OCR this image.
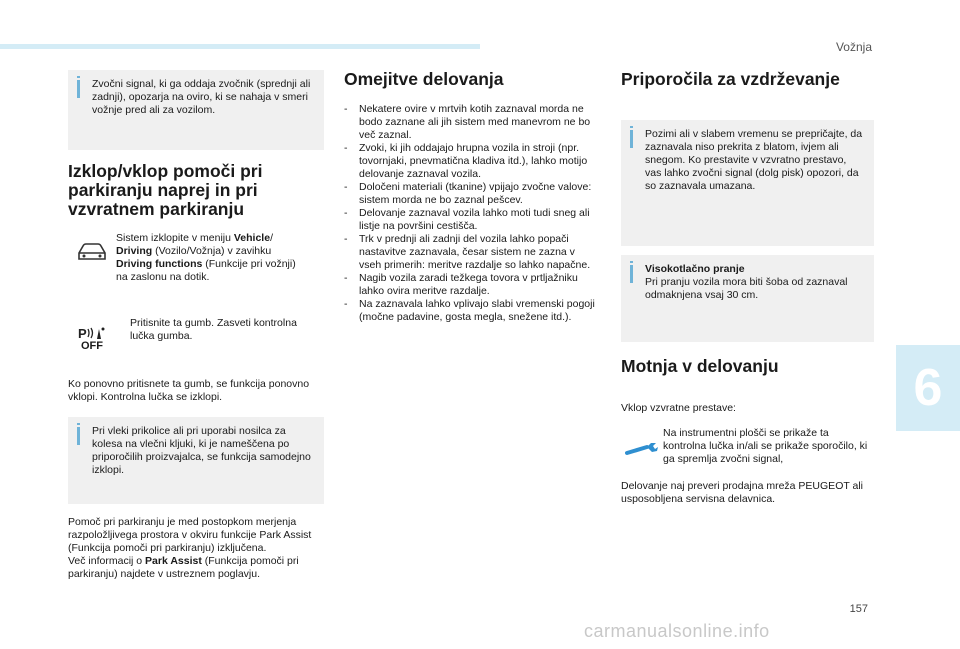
Vožnja
157
6
Zvočni signal, ki ga oddaja zvočnik (sprednji ali zadnji), opozarja na oviro, ki se nahaja v smeri vožnje pred ali za vozilom.
Izklop/vklop pomoči pri parkiranju naprej in pri vzvratnem parkiranju
Sistem izklopite v meniju Vehicle/ Driving (Vozilo/Vožnja) v zavihku Driving functions (Funkcije pri vožnji) na zaslonu na dotik.
P
OFF
Pritisnite ta gumb. Zasveti kontrolna lučka gumba.

Ko ponovno pritisnete ta gumb, se funkcija ponovno vklopi. Kontrolna lučka se izklopi.

Pri vleki prikolice ali pri uporabi nosilca za kolesa na vlečni kljuki, ki je nameščena po priporočilih proizvajalca, se funkcija samodejno izklopi.

Pomoč pri parkiranju je med postopkom merjenja razpoložljivega prostora v okviru funkcije Park Assist (Funkcija pomoči pri parkiranju) izključena.
Več informacij o Park Assist (Funkcija pomoči pri parkiranju) najdete v ustreznem poglavju.

Omejitve delovanja
- Nekatere ovire v mrtvih kotih zaznaval morda ne bodo zaznane ali jih sistem med manevrom ne bo več zaznal.
- Zvoki, ki jih oddajajo hrupna vozila in stroji (npr. tovornjaki, pnevmatična kladiva itd.), lahko motijo delovanje zaznaval vozila.
- Določeni materiali (tkanine) vpijajo zvočne valove: sistem morda ne bo zaznal pešcev.
- Delovanje zaznaval vozila lahko moti tudi sneg ali listje na površini cestišča.
- Trk v prednji ali zadnji del vozila lahko popači nastavitve zaznavala, česar sistem ne zazna v vseh primerih: meritve razdalje so lahko napačne.
- Nagib vozila zaradi težkega tovora v prtljažniku lahko ovira meritve razdalje.
- Na zaznavala lahko vplivajo slabi vremenski pogoji (močne padavine, gosta megla, snežene itd.).
Priporočila za vzdrževanje
Pozimi ali v slabem vremenu se prepričajte, da zaznavala niso prekrita z blatom, ivjem ali snegom. Ko prestavite v vzvratno prestavo, vas lahko zvočni signal (dolg pisk) opozori, da so zaznavala umazana.
Visokotlačno pranje
Pri pranju vozila mora biti šoba od zaznaval odmaknjena vsaj 30 cm.
Motnja v delovanju

Vklop vzvratne prestave:

Na instrumentni plošči se prikaže ta kontrolna lučka in/ali se prikaže sporočilo, ki ga spremlja zvočni signal,

Delovanje naj preveri prodajna mreža PEUGEOT ali usposobljena servisna delavnica.

carmanualsonline.info
